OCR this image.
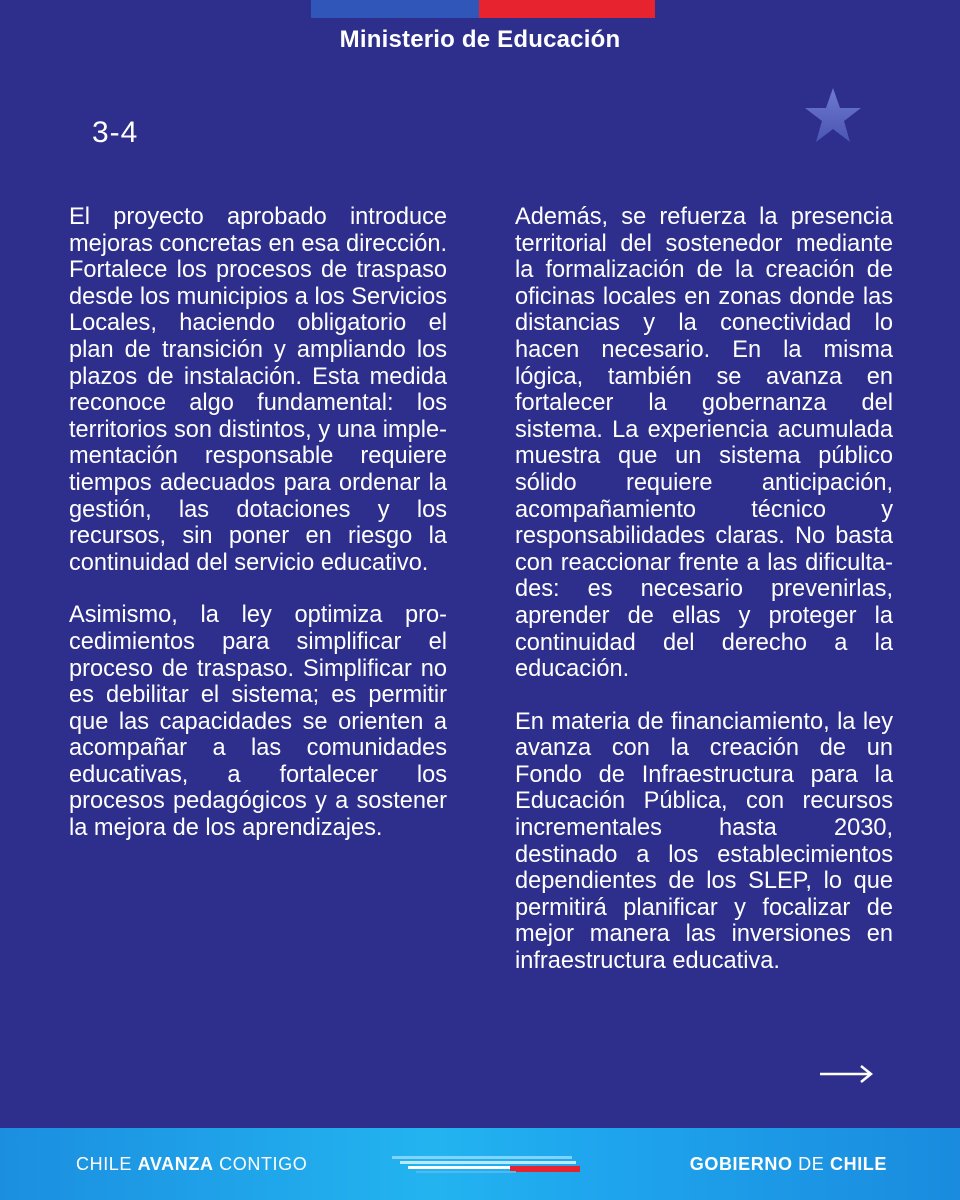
Ministerio de Educación
3-4

El proyecto aprobado introduce mejoras concretas en esa dirección. Fortalece los procesos de traspaso desde los municipios a los Servicios Locales, haciendo obligatorio el plan de transición y ampliando los plazos de instalación. Esta medida reconoce algo fundamental: los territorios son distintos, y una implementación responsable requiere tiempos adecuados para ordenar la gestión, las dotaciones y los recursos, sin poner en riesgo la continuidad del servicio educativo.

Asimismo, la ley optimiza procedimientos para simplificar el proceso de traspaso. Simplificar no es debilitar el sistema; es permitir que las capacidades se orienten a acompañar a las comunidades educativas, a fortalecer los procesos pedagógicos y a sostener la mejora de los aprendizajes.

Además, se refuerza la presencia territorial del sostenedor mediante la formalización de la creación de oficinas locales en zonas donde las distancias y la conectividad lo hacen necesario. En la misma lógica, también se avanza en fortalecer la gobernanza del sistema. La experiencia acumulada muestra que un sistema público sólido requiere anticipación, acompañamiento técnico y responsabilidades claras. No basta con reaccionar frente a las dificultades: es necesario prevenirlas, aprender de ellas y proteger la continuidad del derecho a la educación.

En materia de financiamiento, la ley avanza con la creación de un Fondo de Infraestructura para la Educación Pública, con recursos incrementales hasta 2030, destinado a los establecimientos dependientes de los SLEP, lo que permitirá planificar y focalizar de mejor manera las inversiones en infraestructura educativa.

CHILE AVANZA CONTIGO	GOBIERNO DE CHILE
